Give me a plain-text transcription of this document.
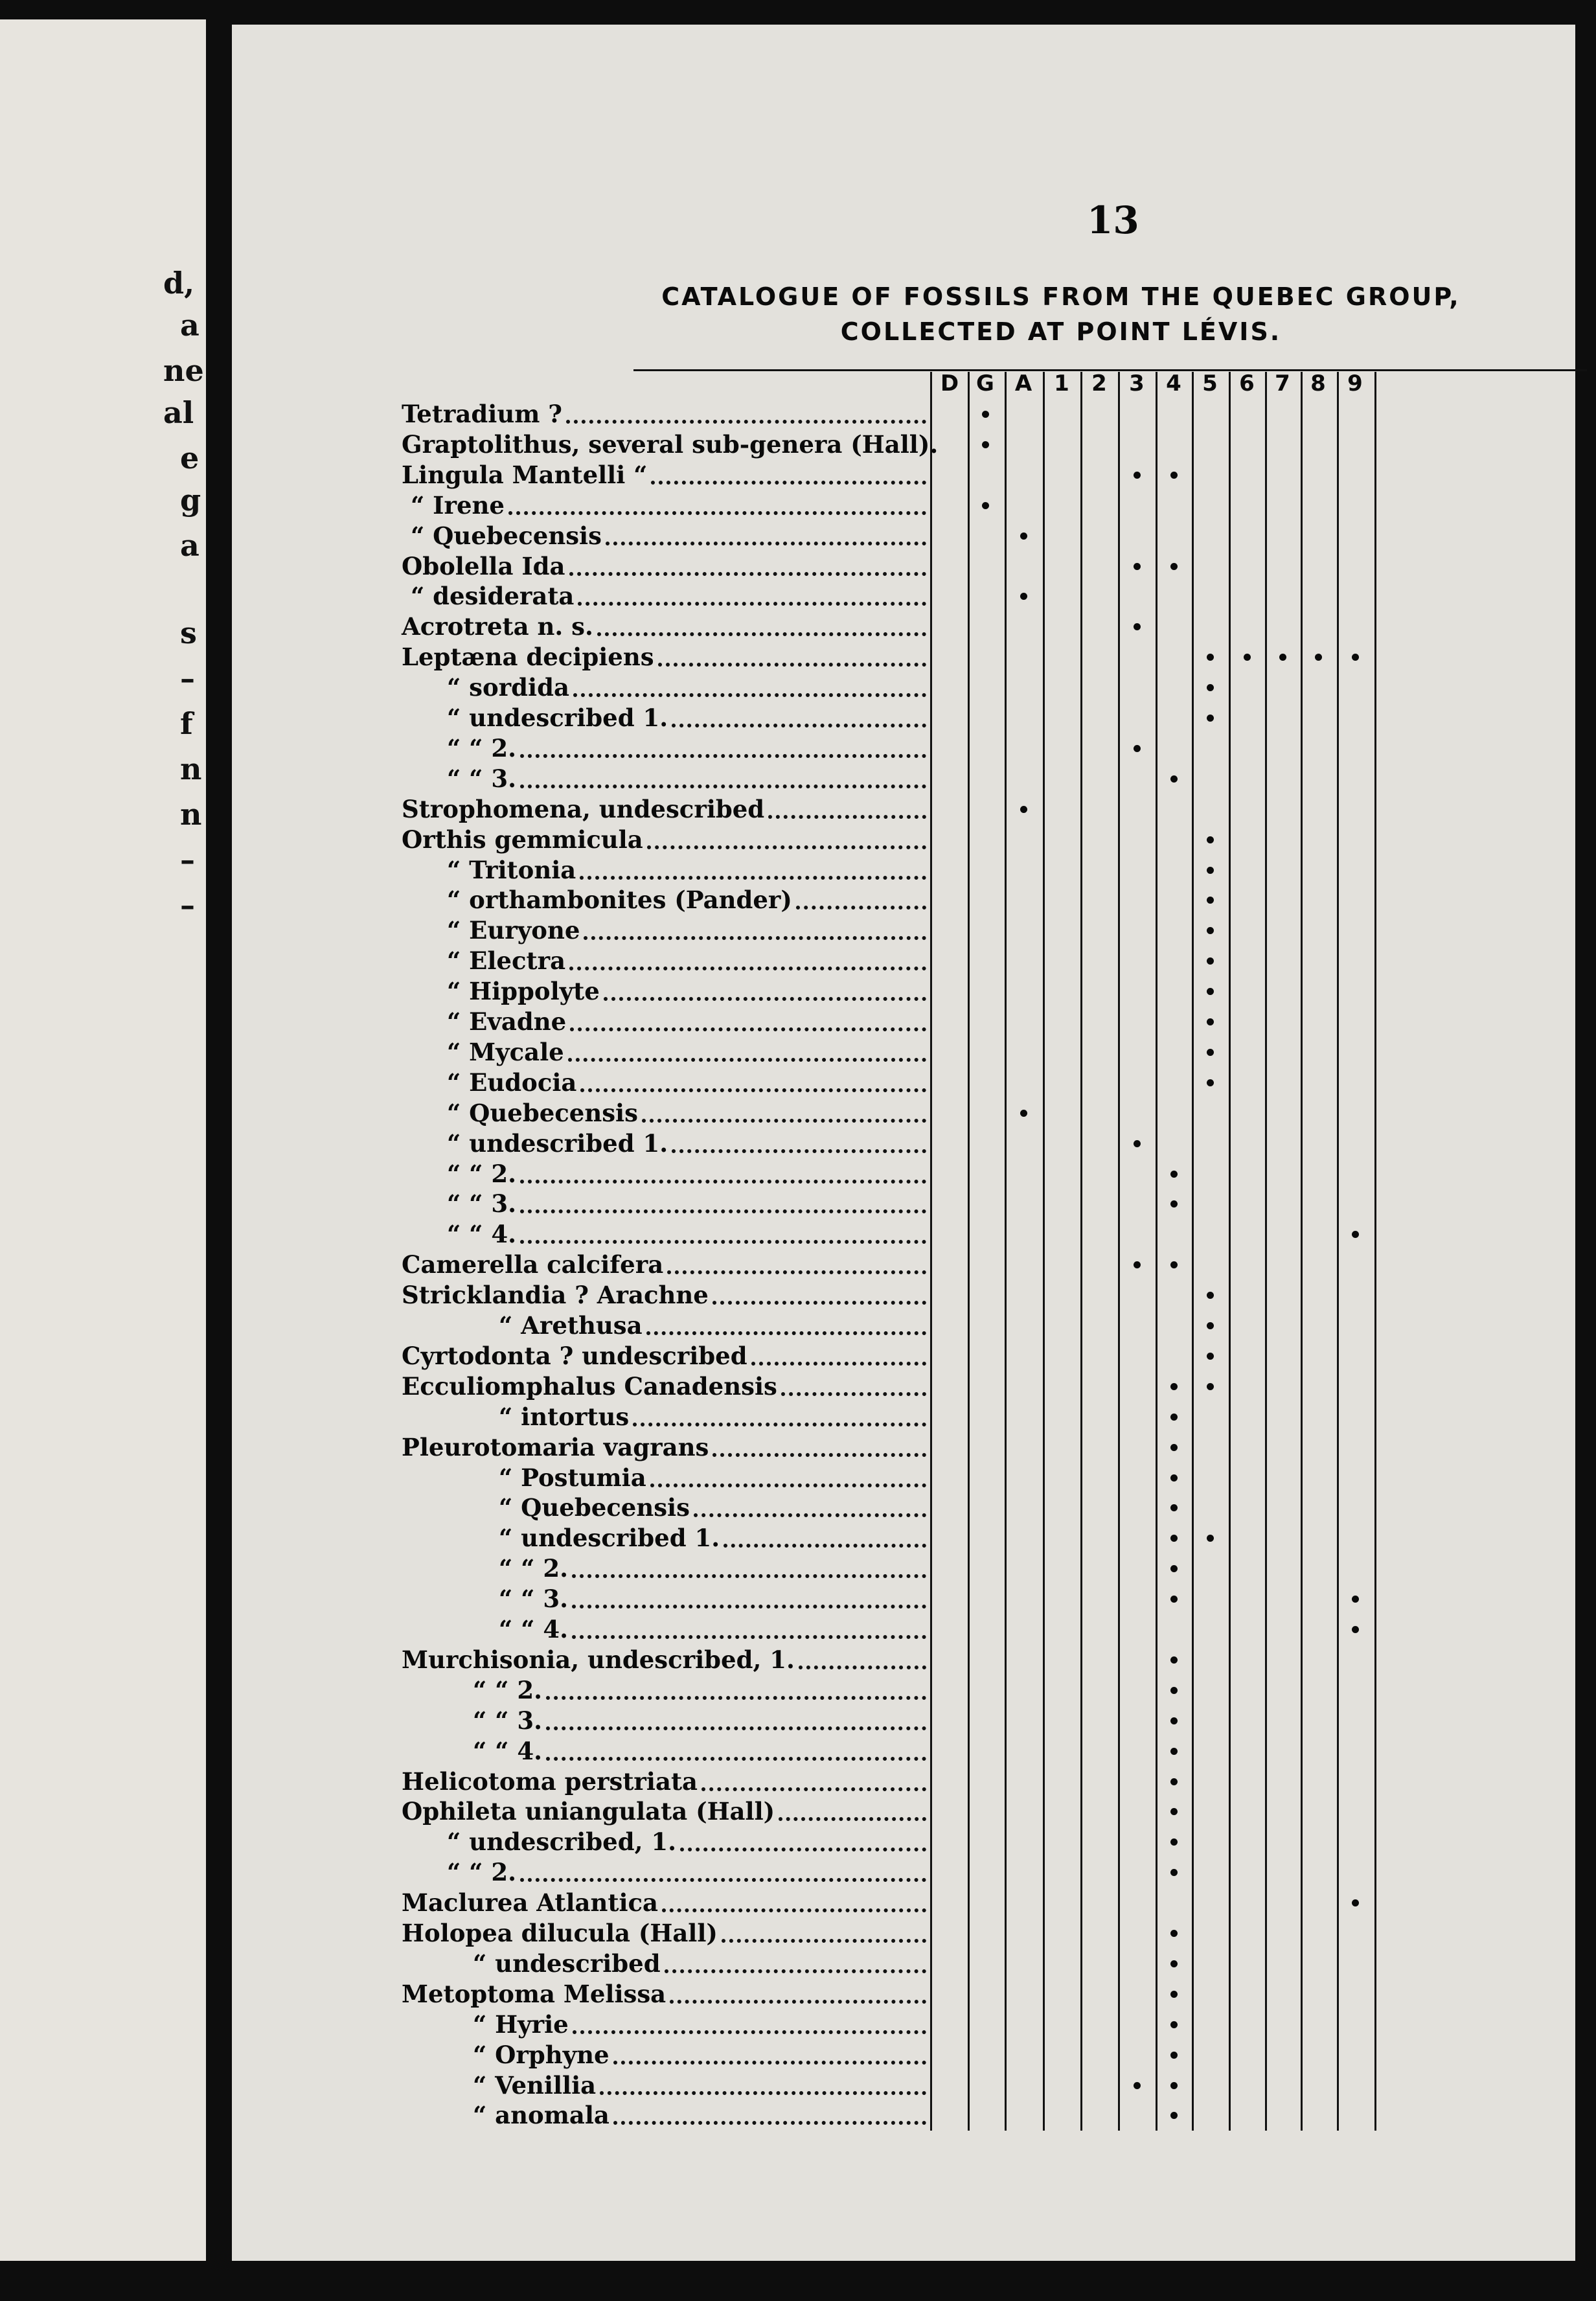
d,
a
ne
al
e
g
a
s
–
f
n
n
–
–
13
CATALOGUE OF FOSSILS FROM THE QUEBEC GROUP,
COLLECTED AT POINT LÉVIS.
D G A 1 2 3 4 5 6 7 8 9
Tetradium ?
Graptolithus, several sub-genera (Hall).
Lingula Mantelli “
“ Irene
“ Quebecensis
Obolella Ida
“ desiderata
Acrotreta n. s.
Leptæna decipiens
“ sordida
“ undescribed 1.
“ “ 2.
“ “ 3.
Strophomena, undescribed
Orthis gemmicula
“ Tritonia
“ orthambonites (Pander)
“ Euryone
“ Electra
“ Hippolyte
“ Evadne
“ Mycale
“ Eudocia
“ Quebecensis
“ undescribed 1.
“ “ 2.
“ “ 3.
“ “ 4.
Camerella calcifera
Stricklandia ? Arachne
“ Arethusa
Cyrtodonta ? undescribed
Ecculiomphalus Canadensis
“ intortus
Pleurotomaria vagrans
“ Postumia
“ Quebecensis
“ undescribed 1.
“ “ 2.
“ “ 3.
“ “ 4.
Murchisonia, undescribed, 1.
“ “ 2.
“ “ 3.
“ “ 4.
Helicotoma perstriata
Ophileta uniangulata (Hall)
“ undescribed, 1.
“ “ 2.
Maclurea Atlantica
Holopea dilucula (Hall)
“ undescribed
Metoptoma Melissa
“ Hyrie
“ Orphyne
“ Venillia
“ anomala
